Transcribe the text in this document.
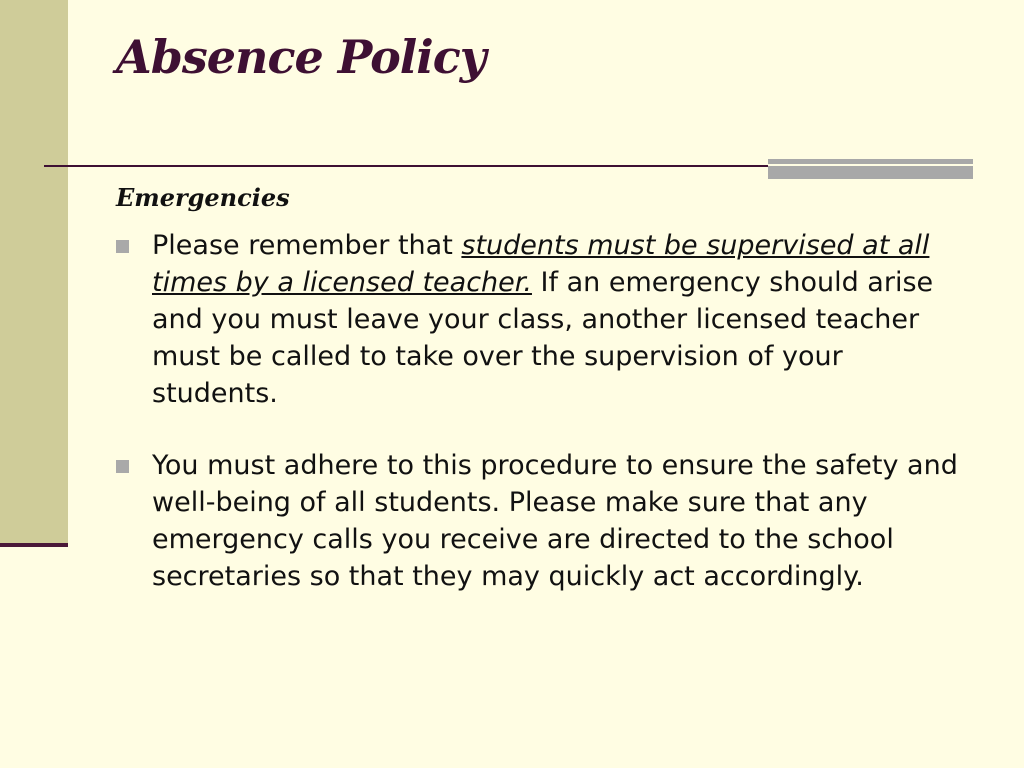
Absence Policy
Emergencies
Please remember that students must be supervised at all times by a licensed teacher. If an emergency should arise and you must leave your class, another licensed teacher must be called to take over the supervision of your students.
You must adhere to this procedure to ensure the safety and well-being of all students. Please make sure that any emergency calls you receive are directed to the school secretaries so that they may quickly act accordingly.
